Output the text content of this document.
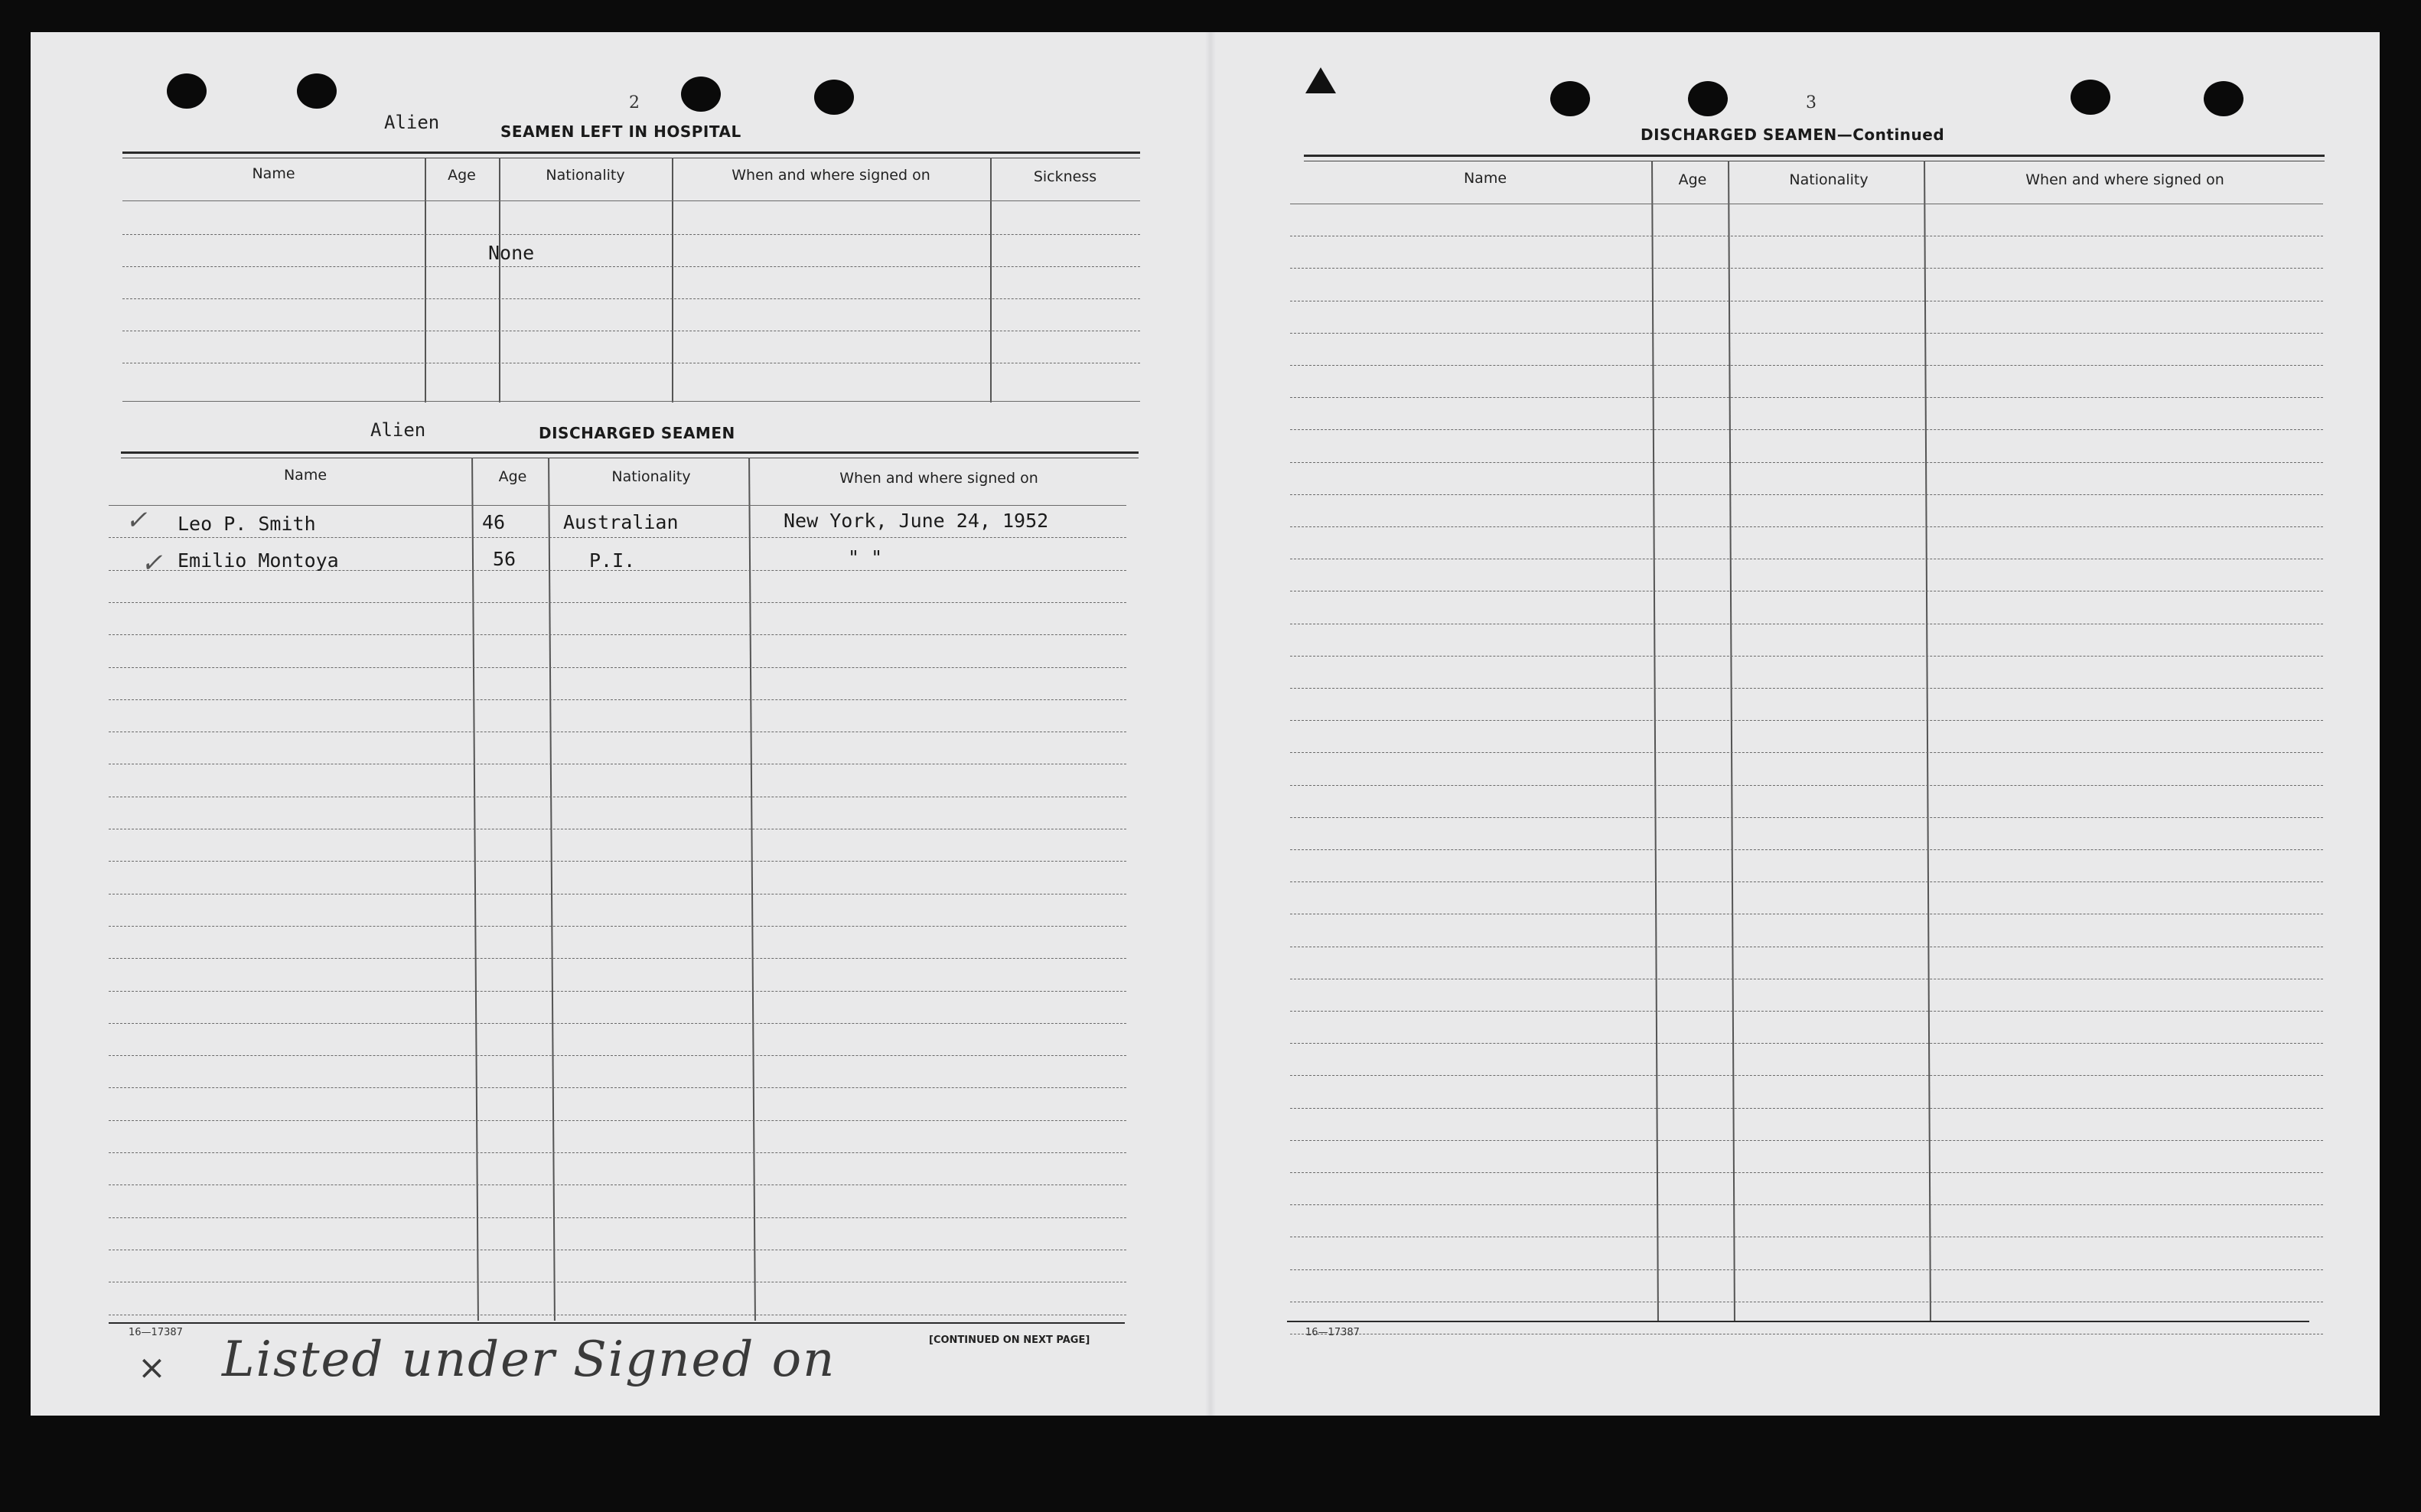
2
Alien	SEAMEN LEFT IN HOSPITAL
Name	Age	Nationality	When and where signed on	Sickness
None
Alien	DISCHARGED SEAMEN
Name	Age	Nationality	When and where signed on
✓ Leo P. Smith	46	Australian	New York, June 24, 1952
✓ Emilio Montoya	56	P.I.	" "
16—17387
[CONTINUED ON NEXT PAGE]
× Listed under Signed on
3
DISCHARGED SEAMEN—Continued
Name	Age	Nationality	When and where signed on
16—17387
